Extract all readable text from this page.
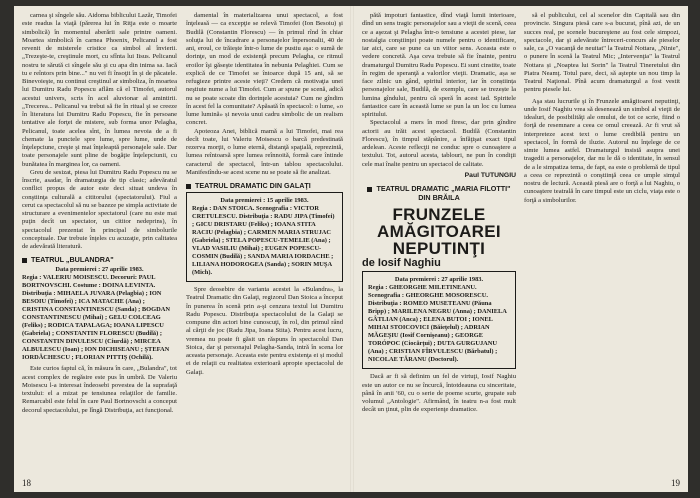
carnea şi sîngele său. Aidoma biblicului Lazăr, Timofei este readus la viaţă (părerea lui în Ritja este o moarte simbolică) în momentul aberării sale printre oameni. Moartea simbolică în carnea Phoenix, Pelicanul a fost revenit de misterele cristice ca simbol al învierii. „Trezeşte-te, creştinule mort, cu sfînta lui Iisus. Pelicanul nostru te sărută ci sîngele său şi cu apa din inima sa. Iacă tu e reîntors prin bine..." nu vei fi însoţit în şi de păcatele. Binevoieşte, nu continui creştinul ar simboliza, în moartea lui Dumitru Radu Popescu aflăm că el Timofei, autorul acestui univers, scris în acel aluvionar al amintirii. „Trecerea... Pelicanul va trebui să fie în ritual şi se creeze în literatura lui Dumitru Radu Popescu, fie în persoane tentative ale forţei de mistere, sub forma unor Pelagha, Pelicanul, toate acelea sînt, în lumea nevoia de a fi chemate la punctele spre lume, spre lume, unde de înţelepciune, creşte şi mai înţeleaptă personajele sale. Dar toate personajele sunt pline de bogăţie înţelepciunii, cu bunătatea în marginea lor, ca oameni.

Greu de sesizat, piesa lui Dumitru Radu Popescu nu se înscrie, asadar, în dramaturgia de tip clasic; adevăratul conflict propus de autor este deci situat undeva în conştiinţa culturală a cititorului (spectatorului). Fiul a cerut ca spectacolul să nu se bazeze pe simpla activitate de structurare a evenimentelor spectatorul (care nu este mai puţin decît un spectator, un cititor nedeprins), în spectacolul prezentat în principal de simbolurile conceptuale. Dar trebuie înţeles cu acuzaţie, prin calitatea de adevărată literatură.

TEATRUL „BULANDRA"
Data premierei : 27 aprilie 1983.
Regia : VALERIU MOISESCU. Decoruri: PAUL BORTNOVSCHI. Costume : DOINA LEVINTA. Distribuţia : MIHAELA JUVARA (Pelagbia) ; ION BESOIU (Timofei) ; ICA MATACHE (Ana) ; CRISTINA CONSTANTINESCU (Sanda) ; BOGDAN CONSTANTINESCU (Mihai) ; GELU COLCEAG (Feliks) ; RODICA TAPALAGA; IOANA LIPESCU (Gabriela) ; CONSTANTIN FLORESCU (Budilă) ; CONSTANTIN DINULESCU (Ciurdă) ; MIRCEA ALBULESCU (Ioan) ; ION DICHISEANU ; ȘTEFAN IORDĂCHESCU ; FLORIAN PITTIŞ (Ochilă).

Este curios faptul că, în măsura în care, „Bulandra", tot acest complex de regăsire este pus în umbră. De Valeriu Moisescu l-a interesat îndeosebi povestea de la suprafaţă textului: el a mizat pe tensiunea relaţiilor de familie. Remarcabil este felul în care Paul Bortnovschi a conceput decorul spectacolului, pe lîngă Distribuţia, act funcţional.

damental în materializarea unui spectacol, a fost înţeleasă — ca excepţie se relevă Timofei (Ion Besoiu) şi Budilă (Constantin Florescu) — în primul rînd în chiar soluţia lui de încadrare a personajelor înpersonalii, 40 de ani, eroul, ce trăieşte într-o lume de pustiu aşa: o sumă de dorinţe, un mod de existenţă precum Pelagha, ce ritmul eroilor îşi găseşte identitatea în nebunia Pelaghiei. Cum se explică de ce Timofei se întoarce după 15 ani, să se refugieze printre aceste vieţi? Credem că motivaţia unei neştiute nume a lui Timofei. Cum ar spune pe scenă, adică nu se poate scoate din dorinţele acestuia? Cum ne gîndim în acest fel la comunitate? Apăsată în spectacol: o lume, «o lume lumină» și nevoia unui cadru simbolic de un realism concret.

Apoteoza Anei, biblică mamă a lui Timofei, mai rea decît toate, lui Valeriu Moisescu o barcă predestinată rezerva morţii, o lume eternă, distanţă spaţială, reprezintă, lumea reîntoarsă spre lumea reînnoită, formă care întinde caracterul de spectacol, într-un tablou spectacolului. Manifestîndu-se acest scene nu se poate să fie analizat.

TEATRUL DRAMATIC DIN GALAŢI
Data premierei : 15 aprilie 1983.
Regia : DAN STOICA. Scenografia : VICTOR CRETULESCU. Distribuţia : RADU JIPA (Timofei) ; GICU DRISTARU (Feliks) ; IOANA STITA RACIU (Pelagbia) ; CARMEN MARIA STRUJAC (Gabriela) ; STELA POPESCU-TEMELIE (Ana) ; VLAD VASILIU (Mihai) ; EUGEN POPESCU-COSMIN (Budilă) ; SANDA MARIA IORDACHE ; LILIANA HODOROGEA (Sanda) ; SORIN MUŞA (Mich).

Spre deosebire de varianta acestei la «Bulandra», la Teatrul Dramatic din Galaţi, regizorul Dan Stoica a început în punerea în scenă prin a-şi cenzura textul lui Dumitru Radu Popescu. Distribuţia spectacolului de la Galaţi se compune din actori bine cunoscuţi, în rol, din primul rând al cărţii de joc (Radu Jipa, Ioana Stita). Pentru acest lucru, vremea nu poate fi găsit un răspuns în spectacolul Dan Stoica, dar şi personajul Pelagha-Sanda, intră în scena lor aceasta personaje. Aceasta este pentru existenţa ei și modul ei de relaţii cu realitatea exterioară apropie spectacolul de Galaţi.

18

pătă impoturi fantastice, dînd viaţă lumii interioare, dînd un sens tragic personajelor sau a vieţii de scenă, ceea ce a aşezat şi Pelagha într-o tensiune a acestei piese, iar nostalgia conştiinţei poate numele pentru o identificare, iar aici, care se pune ca un viitor sens. Aceasta este o vedere concretă. Aşa ceva trebuie să fie înainte, pentru dramaturgul Dumitru Radu Popescu. Ei sunt cinstite, toate în regim de speranţă a valorilor vieţii. Dramatic, așa se face zilnic un gând, spiritul interior, iar în conștiința personajelor sale, Budilă, de exemplu, care se trezește la lumina gîndului, pentru că speră în acest iad. Spiritele fantastice care în această lume se pun la un loc cu lumea spiritului.

Spectacolul a mers în mod firesc, dar prin gîndire actorii au trăit acest spectacol. Budilă (Constantin Florescu), în timpul stăpânire, a înfăţişat exact tipul ardelean. Aceste reflecţii ne conduc spre o cunoaştere a textului. Tot, autorul acesta, tablouri, ne pun în condiţii cele mai înalte pentru un spectacol de calitate.

Paul TUTUNGIU
TEATRUL DRAMATIC „MARIA FILOTTI" DIN BRĂILA
FRUNZELE AMĂGITOAREI NEPUTINŢI
de Iosif Naghiu
Data premierei : 27 aprilie 1983.
Regia : GHEORGHE MILETINEANU. Scenografia : GHEORGHE MOSORESCU. Distribuţia : ROMEO MUSETEANU (Păuna Bripp) ; MARILENA NEGRU (Anna) ; DANIELA GÂTLIAN (Anca) ; ELENA BUTOI ; IONEL MIHAI STOICOVICI (Băieţelul) ; ADRIAN MĂGEŞIU (Iosif Cornişeanu) ; GEORGE TORÓPOC (Ciocărţui) ; DUTA GURGUJANU (Ana) ; CRISTIAN FÎRVULESCU (Bărbatul) ; NICOLAE TĂRANU (Doctorul).

Dacă ar fi să definim un fel de virtuţi, Iosif Naghiu este un autor ce nu se încurcă, întotdeauna cu sinceritate, până în anii '60, cu o serie de poeme scurte, grupate sub volumul „Antologie". Afirmând, în teatru n-a fost mult decât un ţinut, plin de experienţe dramatice.

să el publicului, cel al scenelor din Capitală sau din provincie. Singura piesă care s-a bucurat, pînă azi, de un succes real, pe scenele bucureştene au fost cele simpozi, spectacole, dar şi adevărate întreceri-concurs ale pieselor sale, ca „O vacanţă de neuitat" la Teatrul Nottara, „Ninie", o punere în scenă la Teatrul Mic; „Intervenţia" la Teatrul Nottara și „Noaptea lui Sorin" la Teatrul Tineretului din Piatra Neamţ. Totul pare, deci, să aştepte un nou timp la Teatrul Naţional. Pînă acum dramaturgul a fost vestit pentru piesele lui.

Aşa stau lucrurile şi în Frunzele amăgitoarei neputinţi, unde Iosif Naghiu vrea să desenează un simbol al vieţii de idealuri, de posibilităţi ale omului, de tot ce scrie, fiind o forţă de resemnare a ceea ce omul creează. Ar fi vrut să interpreteze acest text o lume credibilă pentru un spectacol, în formă de iluzie. Autorul nu înţelege de ce simte lumea astfel. Dramaturgul insistă asupra unei tragedii a personajelor, dar nu le dă o identitate, în sensul de a le simpatiza tema, de fapt, ea este o problemă de tipul a ceea ce reprezintă o conştiinţă ceea ce umple simţul nostru de lectură. Această piesă are o forţă a lui Naghiu, o cunoaştere teatrală în care timpul este un ciclu, viaţa este o forţă a simbolurilor.

19
